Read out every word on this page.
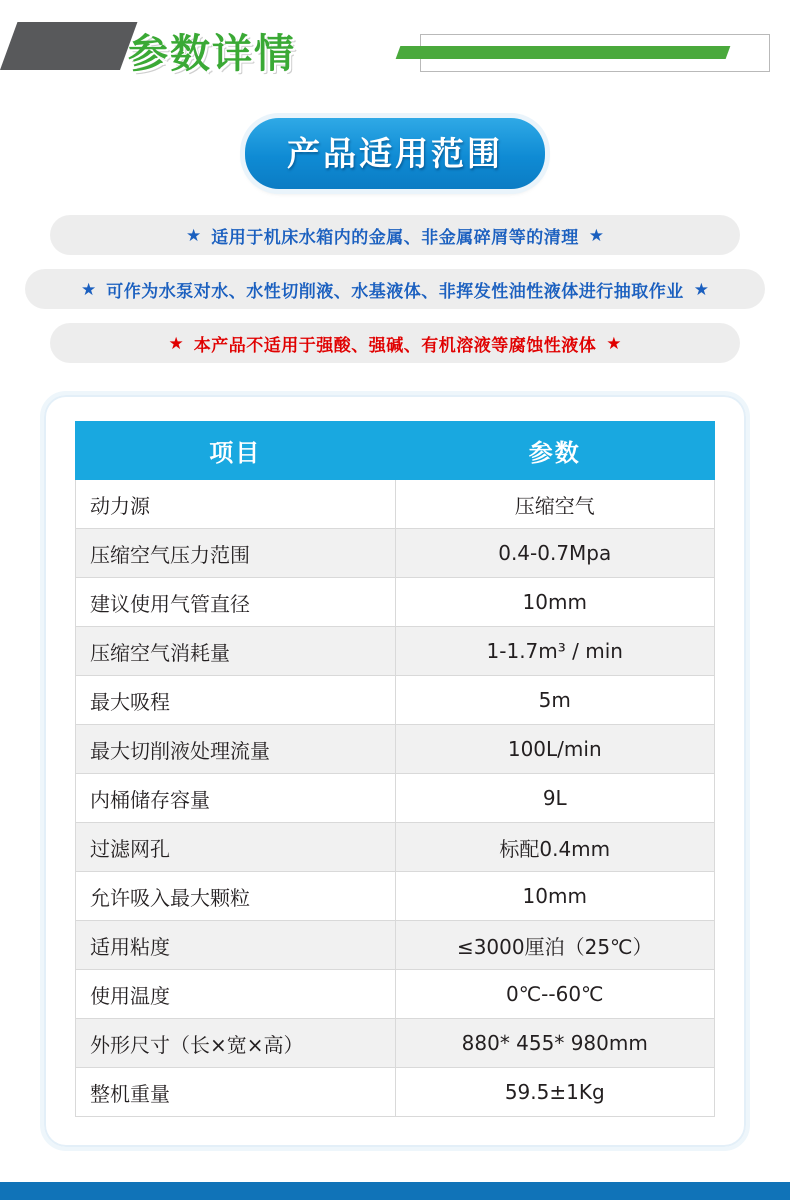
参数详情
产品适用范围
★ 适用于机床水箱内的金属、非金属碎屑等的清理 ★
★ 可作为水泵对水、水性切削液、水基液体、非挥发性油性液体进行抽取作业 ★
★ 本产品不适用于强酸、强碱、有机溶液等腐蚀性液体 ★
项目	参数
动力源	压缩空气
压缩空气压力范围	0.4-0.7Mpa
建议使用气管直径	10mm
压缩空气消耗量	1-1.7m³ / min
最大吸程	5m
最大切削液处理流量	100L/min
内桶储存容量	9L
过滤网孔	标配0.4mm
允许吸入最大颗粒	10mm
适用粘度	≤3000厘泊（25℃）
使用温度	0℃--60℃
外形尺寸（长×宽×高）	880* 455* 980mm
整机重量	59.5±1Kg
